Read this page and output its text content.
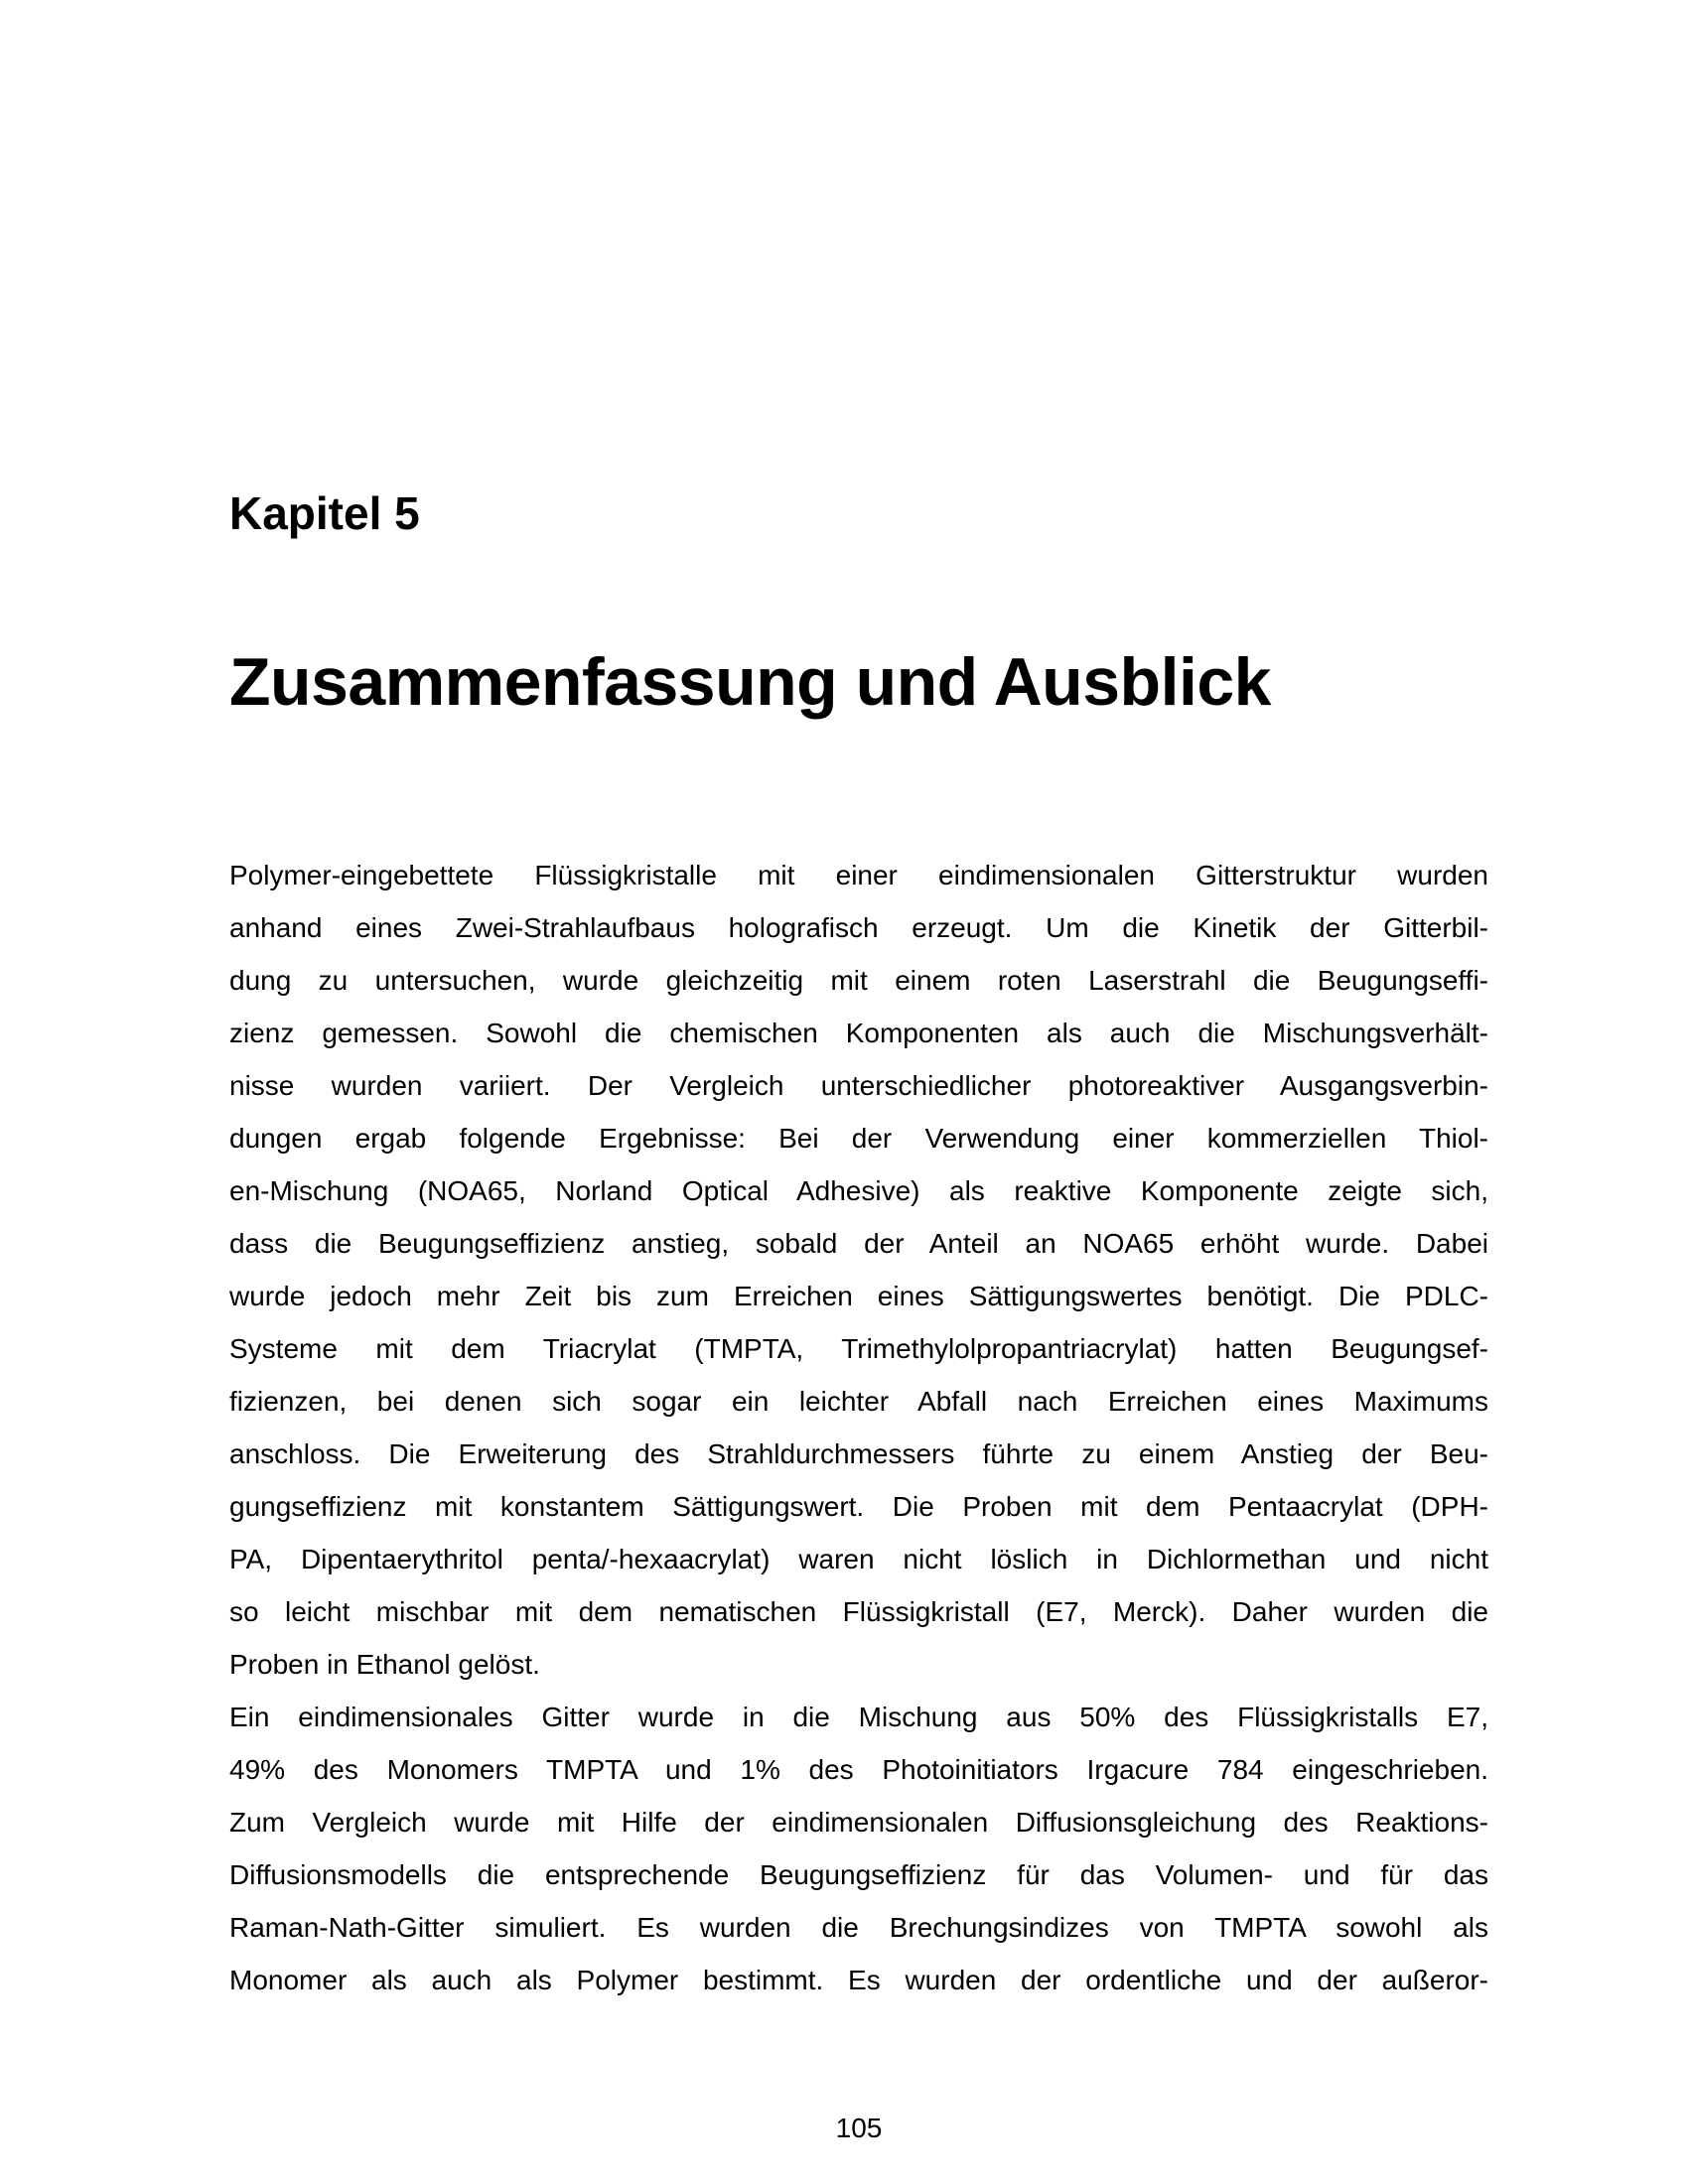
Kapitel 5
Zusammenfassung und Ausblick
Polymer-eingebettete Flüssigkristalle mit einer eindimensionalen Gitterstruktur wurden
anhand eines Zwei-Strahlaufbaus holografisch erzeugt. Um die Kinetik der Gitterbil-
dung zu untersuchen, wurde gleichzeitig mit einem roten Laserstrahl die Beugungseffi-
zienz gemessen. Sowohl die chemischen Komponenten als auch die Mischungsverhält-
nisse wurden variiert. Der Vergleich unterschiedlicher photoreaktiver Ausgangsverbin-
dungen ergab folgende Ergebnisse: Bei der Verwendung einer kommerziellen Thiol-
en-Mischung (NOA65, Norland Optical Adhesive) als reaktive Komponente zeigte sich,
dass die Beugungseffizienz anstieg, sobald der Anteil an NOA65 erhöht wurde. Dabei
wurde jedoch mehr Zeit bis zum Erreichen eines Sättigungswertes benötigt. Die PDLC-
Systeme mit dem Triacrylat (TMPTA, Trimethylolpropantriacrylat) hatten Beugungsef-
fizienzen, bei denen sich sogar ein leichter Abfall nach Erreichen eines Maximums
anschloss. Die Erweiterung des Strahldurchmessers führte zu einem Anstieg der Beu-
gungseffizienz mit konstantem Sättigungswert. Die Proben mit dem Pentaacrylat (DPH-
PA, Dipentaerythritol penta/-hexaacrylat) waren nicht löslich in Dichlormethan und nicht
so leicht mischbar mit dem nematischen Flüssigkristall (E7, Merck). Daher wurden die
Proben in Ethanol gelöst.
Ein eindimensionales Gitter wurde in die Mischung aus 50% des Flüssigkristalls E7,
49% des Monomers TMPTA und 1% des Photoinitiators Irgacure 784 eingeschrieben.
Zum Vergleich wurde mit Hilfe der eindimensionalen Diffusionsgleichung des Reaktions-
Diffusionsmodells die entsprechende Beugungseffizienz für das Volumen- und für das
Raman-Nath-Gitter simuliert. Es wurden die Brechungsindizes von TMPTA sowohl als
Monomer als auch als Polymer bestimmt. Es wurden der ordentliche und der außeror-
105
